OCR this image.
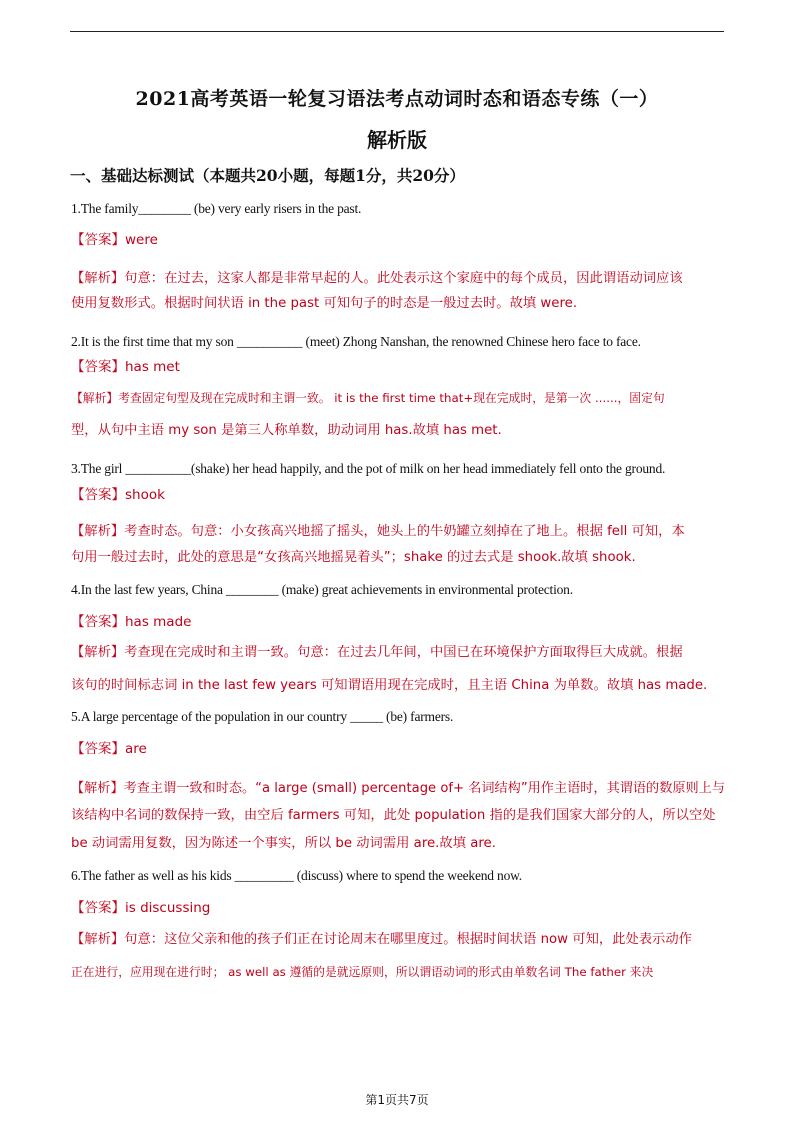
2021高考英语一轮复习语法考点动词时态和语态专练（一）
解析版
一、基础达标测试（本题共20小题，每题1分，共20分）
1.The family________ (be) very early risers in the past.
【答案】were
【解析】句意：在过去，这家人都是非常早起的人。此处表示这个家庭中的每个成员，因此谓语动词应该
使用复数形式。根据时间状语 in the past 可知句子的时态是一般过去时。故填 were.
2.It is the first time that my son __________ (meet) Zhong Nanshan, the renowned Chinese hero face to face.
【答案】has met
【解析】考查固定句型及现在完成时和主谓一致。 it is the first time that+现在完成时，是第一次 ......，固定句
型，从句中主语 my son 是第三人称单数，助动词用 has.故填 has met.
3.The girl __________(shake) her head happily, and the pot of milk on her head immediately fell onto the ground.
【答案】shook
【解析】考查时态。句意：小女孩高兴地摇了摇头，她头上的牛奶罐立刻掉在了地上。根据 fell 可知，本
句用一般过去时，此处的意思是“女孩高兴地摇晃着头”；shake 的过去式是 shook.故填 shook.
4.In the last few years, China ________ (make) great achievements in environmental protection.
【答案】has made
【解析】考查现在完成时和主谓一致。句意：在过去几年间，中国已在环境保护方面取得巨大成就。根据
该句的时间标志词 in the last few years 可知谓语用现在完成时，且主语 China 为单数。故填 has made.
5.A large percentage of the population in our country _____ (be) farmers.
【答案】are
【解析】考查主谓一致和时态。“a large (small) percentage of+ 名词结构”用作主语时，其谓语的数原则上与
该结构中名词的数保持一致，由空后 farmers 可知，此处 population 指的是我们国家大部分的人，所以空处
be 动词需用复数，因为陈述一个事实，所以 be 动词需用 are.故填 are.
6.The father as well as his kids _________ (discuss) where to spend the weekend now.
【答案】is discussing
【解析】句意：这位父亲和他的孩子们正在讨论周末在哪里度过。根据时间状语 now 可知，此处表示动作
正在进行，应用现在进行时； as well as 遵循的是就远原则，所以谓语动词的形式由单数名词 The father 来决
第1页共7页
